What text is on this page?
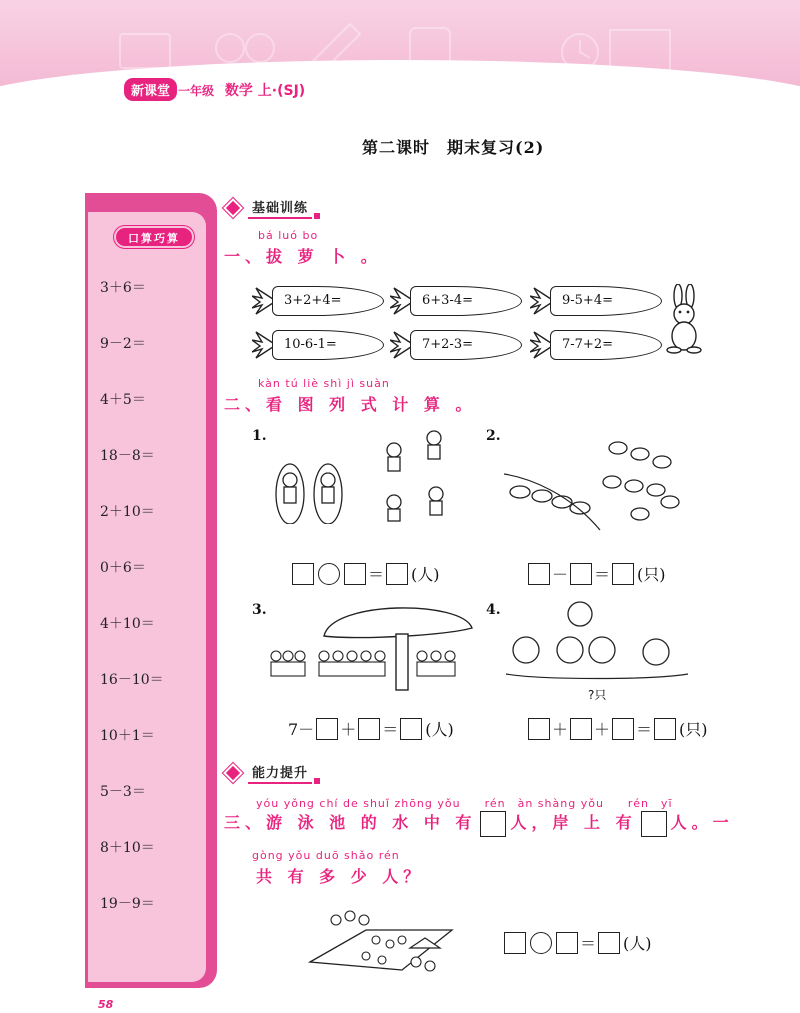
夺冠	新课堂 一年级 数学 上·(SJ)
第二课时　期末复习(2)
口算巧算
3＋6＝
9－2＝
4＋5＝
18－8＝
2＋10＝
0＋6＝
4＋10＝
16－10＝
10＋1＝
5－3＝
8＋10＝
19－9＝
基础训练
bá luó bo
一、拔 萝 卜 。
3+2+4=	6+3-4=	9-5+4=
10-6-1=	7+2-3=	7-7+2=
kàn tú liè shì jì suàn
二、看 图 列 式 计 算 。
1.
＝ (人)
2.
－ ＝ (只)
3.
7－ ＋ ＝ (人)
4.
?只
＋ ＋ ＝ (只)
能力提升
yóu yǒng chí de shuǐ zhōng yǒu　　rén　àn shàng yǒu　　rén　yī
三、游 泳 池 的 水 中 有 人，岸 上 有 人。一
gòng yǒu duō shǎo rén
共 有 多 少 人？
＝ (人)
58
